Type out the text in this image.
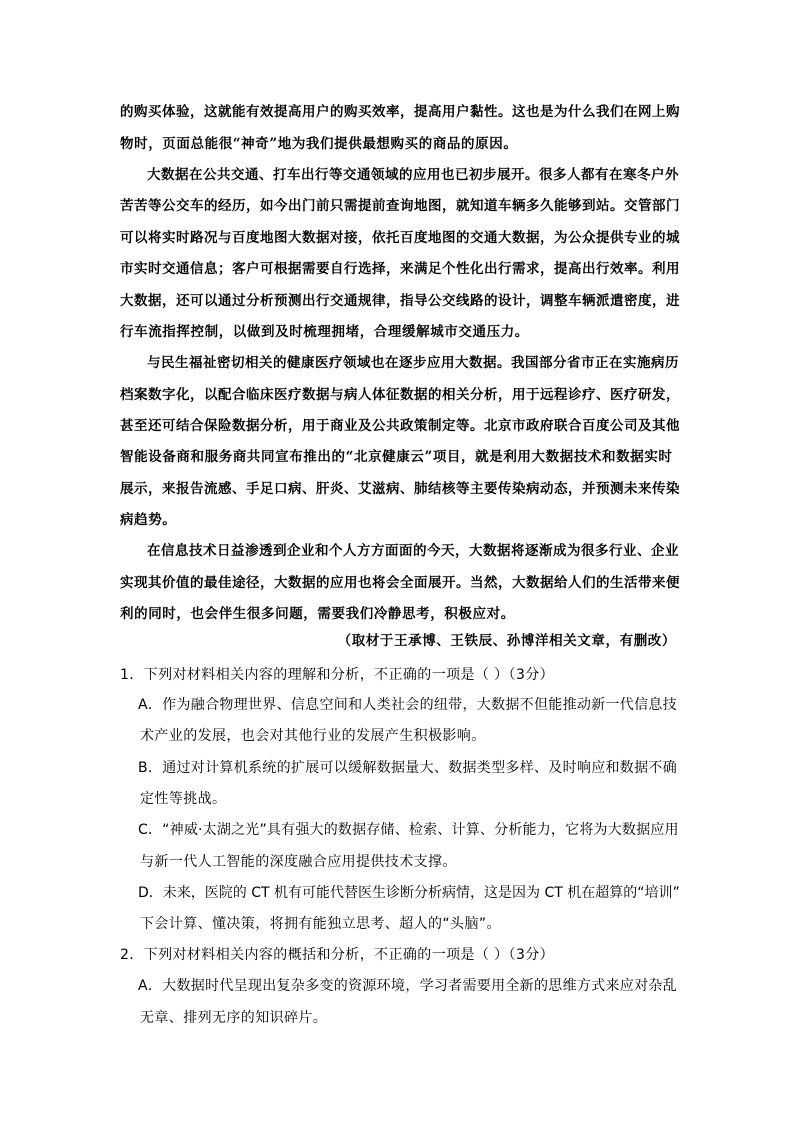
的购买体验，这就能有效提高用户的购买效率，提高用户黏性。这也是为什么我们在网上购
物时，页面总能很“神奇”地为我们提供最想购买的商品的原因。
大数据在公共交通、打车出行等交通领域的应用也已初步展开。很多人都有在寒冬户外
苦苦等公交车的经历，如今出门前只需提前查询地图，就知道车辆多久能够到站。交管部门
可以将实时路况与百度地图大数据对接，依托百度地图的交通大数据，为公众提供专业的城
市实时交通信息；客户可根据需要自行选择，来满足个性化出行需求，提高出行效率。利用
大数据，还可以通过分析预测出行交通规律，指导公交线路的设计，调整车辆派遣密度，进
行车流指挥控制，以做到及时梳理拥堵，合理缓解城市交通压力。
与民生福祉密切相关的健康医疗领域也在逐步应用大数据。我国部分省市正在实施病历
档案数字化，以配合临床医疗数据与病人体征数据的相关分析，用于远程诊疗、医疗研发，
甚至还可结合保险数据分析，用于商业及公共政策制定等。北京市政府联合百度公司及其他
智能设备商和服务商共同宣布推出的“北京健康云”项目，就是利用大数据技术和数据实时
展示，来报告流感、手足口病、肝炎、艾滋病、肺结核等主要传染病动态，并预测未来传染
病趋势。
在信息技术日益渗透到企业和个人方方面面的今天，大数据将逐渐成为很多行业、企业
实现其价值的最佳途径，大数据的应用也将会全面展开。当然，大数据给人们的生活带来便
利的同时，也会伴生很多问题，需要我们冷静思考，积极应对。
（取材于王承博、王铁辰、孙博洋相关文章，有删改）
1．下列对材料相关内容的理解和分析，不正确的一项是（ ）（3分）
A．作为融合物理世界、信息空间和人类社会的纽带，大数据不但能推动新一代信息技
术产业的发展，也会对其他行业的发展产生积极影响。
B．通过对计算机系统的扩展可以缓解数据量大、数据类型多样、及时响应和数据不确
定性等挑战。
C．“神威·太湖之光”具有强大的数据存储、检索、计算、分析能力，它将为大数据应用
与新一代人工智能的深度融合应用提供技术支撑。
D．未来，医院的 CT 机有可能代替医生诊断分析病情，这是因为 CT 机在超算的“培训”
下会计算、懂决策，将拥有能独立思考、超人的“头脑”。
2．下列对材料相关内容的概括和分析，不正确的一项是（ ）（3分）
A．大数据时代呈现出复杂多变的资源环境，学习者需要用全新的思维方式来应对杂乱
无章、排列无序的知识碎片。
